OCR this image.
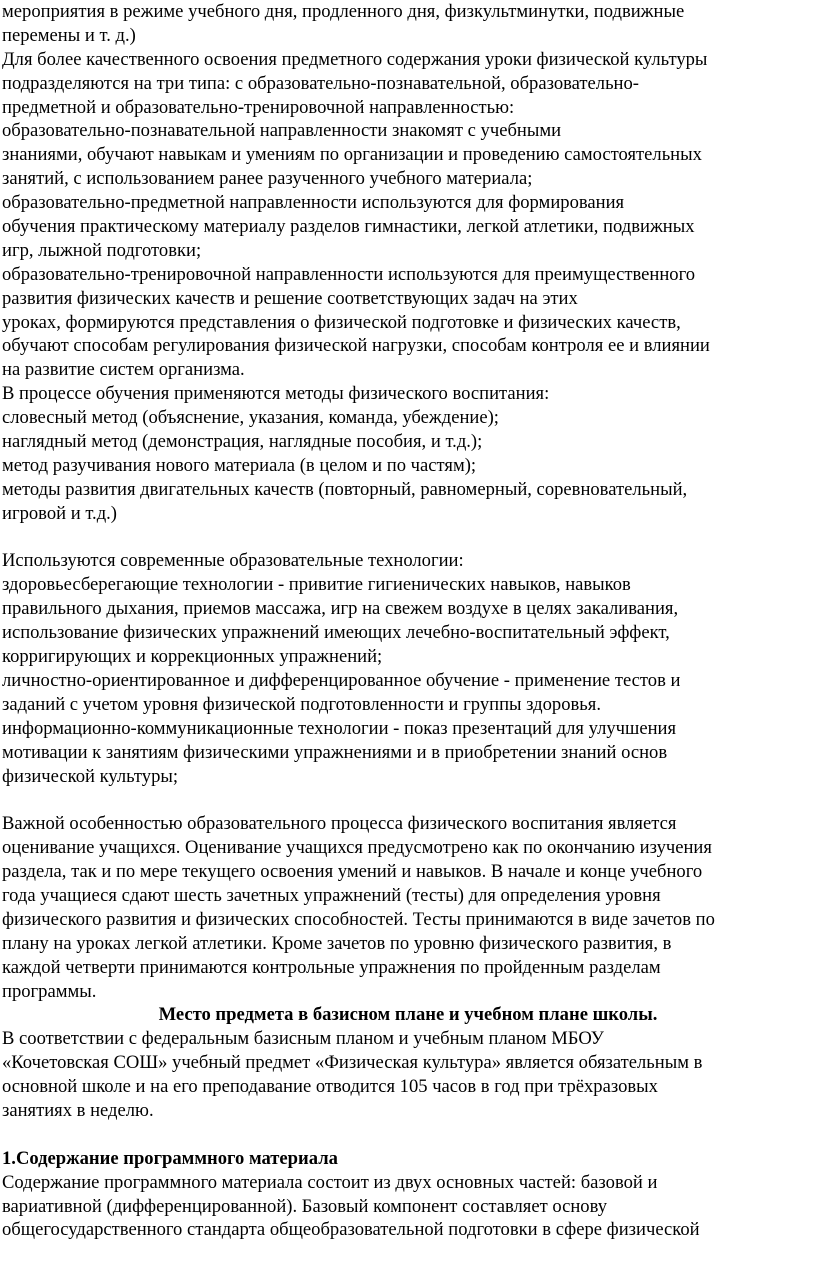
мероприятия в режиме учебного дня, продленного дня, физкультминутки, подвижные
перемены и т. д.)
Для более качественного освоения предметного содержания уроки физической культуры
подразделяются на три типа: с образовательно-познавательной, образовательно-
предметной и образовательно-тренировочной направленностью:
образовательно-познавательной направленности знакомят с учебными
знаниями, обучают навыкам и умениям по организации и проведению самостоятельных
занятий, с использованием ранее разученного учебного материала;
образовательно-предметной направленности используются для формирования
обучения практическому материалу разделов гимнастики, легкой атлетики, подвижных
игр, лыжной подготовки;
образовательно-тренировочной направленности используются для преимущественного
развития физических качеств и решение соответствующих задач на этих
уроках, формируются представления о физической подготовке и физических качеств,
обучают способам регулирования физической нагрузки, способам контроля ее и влиянии
на развитие систем организма.
В процессе обучения применяются методы физического воспитания:
словесный метод (объяснение, указания, команда, убеждение);
наглядный метод (демонстрация, наглядные пособия, и т.д.);
метод разучивания нового материала (в целом и по частям);
методы развития двигательных качеств (повторный, равномерный, соревновательный,
игровой и т.д.)
Используются современные образовательные технологии:
здоровьесберегающие технологии - привитие гигиенических навыков, навыков
правильного дыхания, приемов массажа, игр на свежем воздухе в целях закаливания,
использование физических упражнений имеющих лечебно-воспитательный эффект,
корригирующих и коррекционных упражнений;
личностно-ориентированное и дифференцированное обучение - применение тестов и
заданий с учетом уровня физической подготовленности и группы здоровья.
информационно-коммуникационные технологии - показ презентаций для улучшения
мотивации к занятиям физическими упражнениями и в приобретении знаний основ
физической культуры;
Важной особенностью образовательного процесса физического воспитания является
оценивание учащихся. Оценивание учащихся предусмотрено как по окончанию изучения
раздела, так и по мере текущего освоения умений и навыков. В начале и конце учебного
года учащиеся сдают шесть зачетных упражнений (тесты) для определения уровня
физического развития и физических способностей. Тесты принимаются в виде зачетов по
плану на уроках легкой атлетики. Кроме зачетов по уровню физического развития, в
каждой четверти принимаются контрольные упражнения по пройденным разделам
программы.
Место предмета в базисном плане и учебном плане школы.
В соответствии с федеральным базисным планом и учебным планом МБОУ
«Кочетовская СОШ» учебный предмет «Физическая культура» является обязательным в
основной школе и на его преподавание отводится 105 часов в год при трёхразовых
занятиях в неделю.
1.Содержание программного материала
Содержание программного материала состоит из двух основных частей: базовой и
вариативной (дифференцированной). Базовый компонент составляет основу
общегосударственного стандарта общеобразовательной подготовки в сфере физической
